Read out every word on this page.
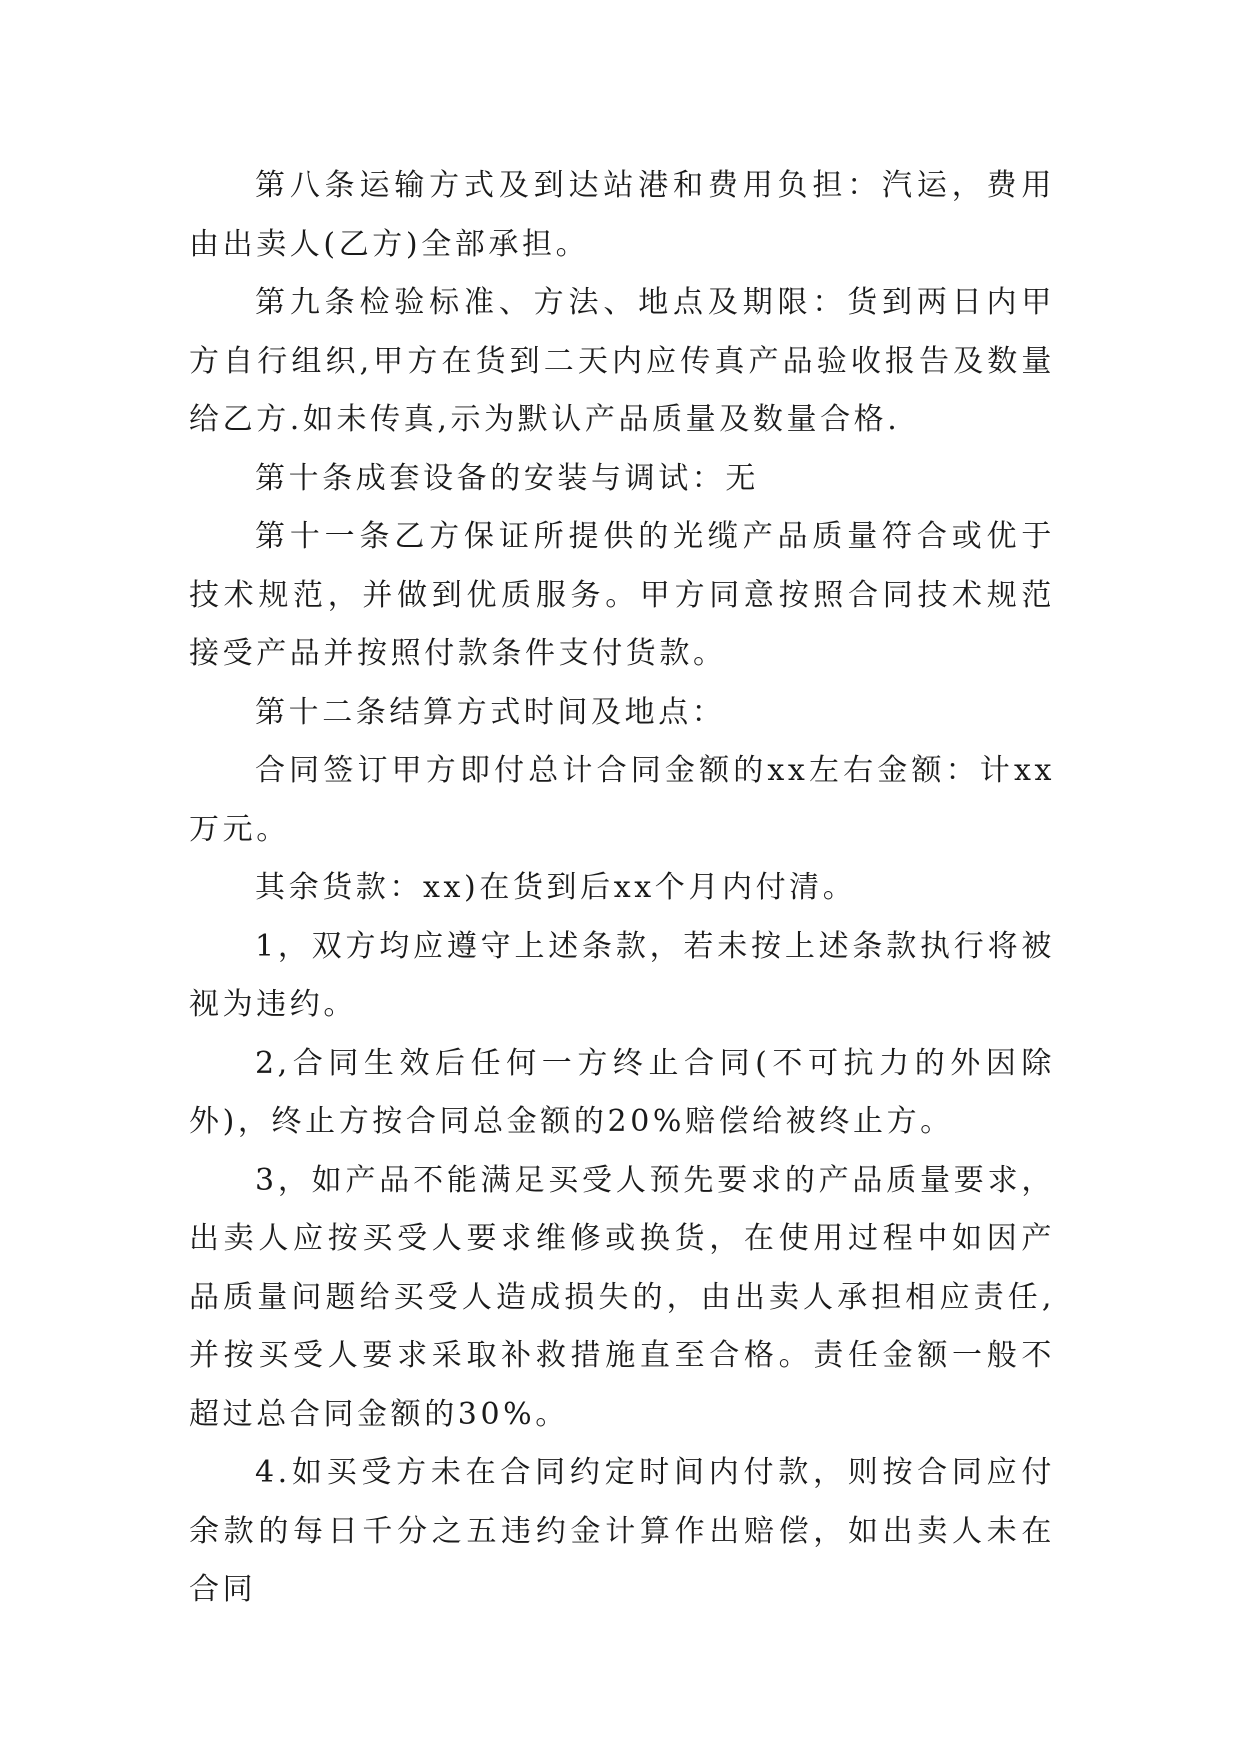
第八条运输方式及到达站港和费用负担：汽运，费用由出卖人(乙方)全部承担。

第九条检验标准、方法、地点及期限：货到两日内甲方自行组织,甲方在货到二天内应传真产品验收报告及数量给乙方.如未传真,示为默认产品质量及数量合格.

第十条成套设备的安装与调试：无

第十一条乙方保证所提供的光缆产品质量符合或优于技术规范，并做到优质服务。甲方同意按照合同技术规范接受产品并按照付款条件支付货款。

第十二条结算方式时间及地点：

合同签订甲方即付总计合同金额的xx左右金额：计xx万元。

其余货款：xx)在货到后xx个月内付清。

1，双方均应遵守上述条款，若未按上述条款执行将被视为违约。

2,合同生效后任何一方终止合同(不可抗力的外因除外)，终止方按合同总金额的20%赔偿给被终止方。

3，如产品不能满足买受人预先要求的产品质量要求，出卖人应按买受人要求维修或换货，在使用过程中如因产品质量问题给买受人造成损失的，由出卖人承担相应责任,并按买受人要求采取补救措施直至合格。责任金额一般不超过总合同金额的30%。

4.如买受方未在合同约定时间内付款，则按合同应付余款的每日千分之五违约金计算作出赔偿，如出卖人未在合同
